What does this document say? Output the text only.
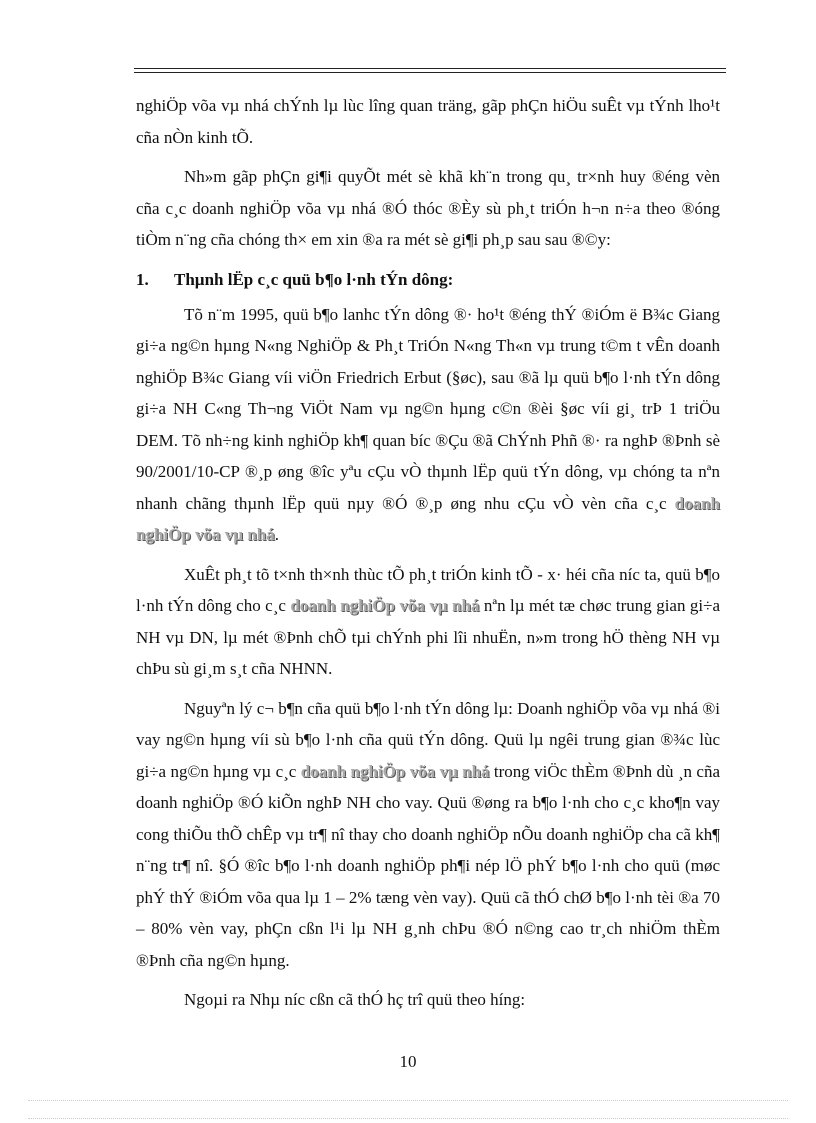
nghiÖp võa vµ nhá chÝnh lµ lùc lîng quan träng, gãp phÇn hiÖu suÊt vµ tÝnh lho¹t cña nÒn kinh tÕ.

Nh»m gãp phÇn gi¶i quyÕt mét sè khã kh¨n trong qu¸ tr×nh huy ®éng vèn cña c¸c doanh nghiÖp võa vµ nhá ®Ó thóc ®Èy sù ph¸t triÓn h¬n n÷a theo ®óng tiÒm n¨ng cña chóng th× em xin ®a ra mét sè gi¶i ph¸p sau sau ®©y:

1. Thµnh lËp c¸c quü b¶o l·nh tÝn dông:

Tõ n¨m 1995, quü b¶o lanhc tÝn dông ®· ho¹t ®éng thÝ ®iÓm ë B¾c Giang gi÷a ng©n hµng N«ng NghiÖp & Ph¸t TriÓn N«ng Th«n vµ trung t©m t vÊn doanh nghiÖp B¾c Giang víi viÖn Friedrich Erbut (§øc), sau ®ã lµ quü b¶o l·nh tÝn dông gi÷a NH C«ng Th¬ng ViÖt Nam vµ ng©n hµng c©n ®èi §øc víi gi¸ trÞ 1 triÖu DEM. Tõ nh÷ng kinh nghiÖp kh¶ quan bíc ®Çu ®ã ChÝnh Phñ ®· ra nghÞ ®Þnh sè 90/2001/10-CP ®¸p øng ®îc yªu cÇu vÒ thµnh lËp quü tÝn dông, vµ chóng ta nªn nhanh chãng thµnh lËp quü nµy ®Ó ®¸p øng nhu cÇu vÒ vèn cña c¸c doanh nghiÖp võa vµ nhá.

XuÊt ph¸t tõ t×nh th×nh thùc tÕ ph¸t triÓn kinh tÕ - x· héi cña níc ta, quü b¶o l·nh tÝn dông cho c¸c doanh nghiÖp võa vµ nhá nªn lµ mét tæ chøc trung gian gi÷a NH vµ DN, lµ mét ®Þnh chÕ tµi chÝnh phi lîi nhuËn, n»m trong hÖ thèng NH vµ chÞu sù gi¸m s¸t cña NHNN.

Nguyªn lý c¬ b¶n cña quü b¶o l·nh tÝn dông lµ: Doanh nghiÖp võa vµ nhá ®i vay ng©n hµng víi sù b¶o l·nh cña quü tÝn dông. Quü lµ ngêi trung gian ®¾c lùc gi÷a ng©n hµng vµ c¸c doanh nghiÖp võa vµ nhá trong viÖc thÈm ®Þnh dù ¸n cña doanh nghiÖp ®Ó kiÕn nghÞ NH cho vay. Quü ®øng ra b¶o l·nh cho c¸c kho¶n vay cong thiÕu thÕ chÊp vµ tr¶ nî thay cho doanh nghiÖp nÕu doanh nghiÖp cha cã kh¶ n¨ng tr¶ nî. §Ó ®îc b¶o l·nh doanh nghiÖp ph¶i nép lÖ phÝ b¶o l·nh cho quü (møc phÝ thÝ ®iÓm võa qua lµ 1 – 2% tæng vèn vay). Quü cã thÓ chØ b¶o l·nh tèi ®a 70 – 80% vèn vay, phÇn cßn l¹i lµ NH g¸nh chÞu ®Ó n©ng cao tr¸ch nhiÖm thÈm ®Þnh cña ng©n hµng.

Ngoµi ra Nhµ níc cßn cã thÓ hç trî quü theo híng:

10
